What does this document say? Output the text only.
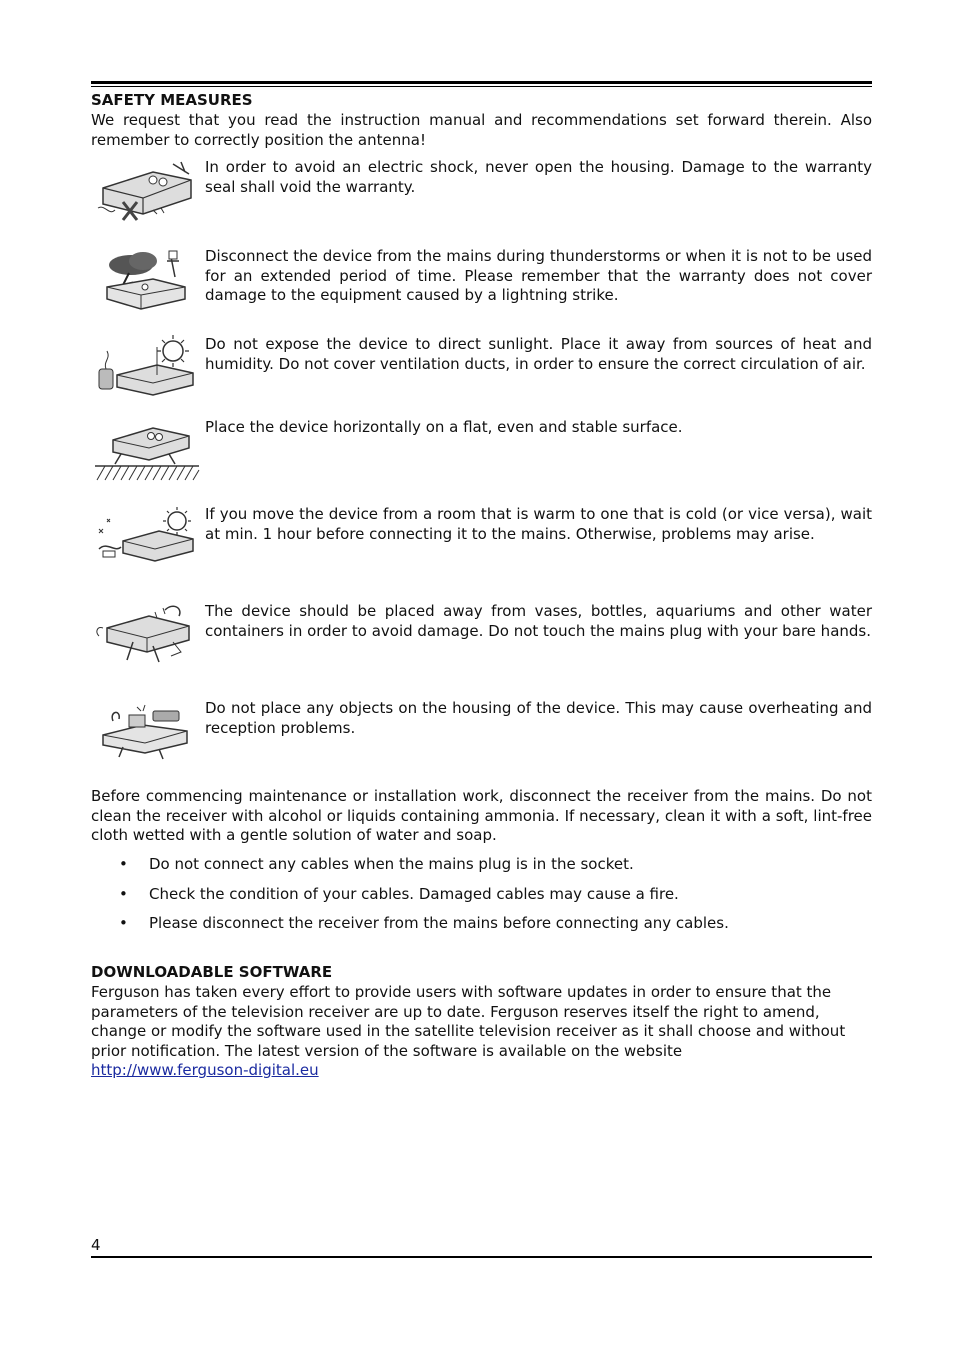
SAFETY MEASURES

We request that you read the instruction manual and recommendations set forward therein. Also remember to correctly position the antenna!

In order to avoid an electric shock, never open the housing. Damage to the warranty seal shall void the warranty.
Disconnect the device from the mains during thunderstorms or when it is not to be used for an extended period of time. Please remember that the warranty does not cover damage to the equipment caused by a lightning strike.
Do not expose the device to direct sunlight. Place it away from sources of heat and humidity. Do not cover ventilation ducts, in order to ensure the correct circulation of air.
Place the device horizontally on a flat, even and stable surface.
If you move the device from a room that is warm to one that is cold (or vice versa), wait at min. 1 hour before connecting it to the mains. Otherwise, problems may arise.
The device should be placed away from vases, bottles, aquariums and other water containers in order to avoid damage. Do not touch the mains plug with your bare hands.
Do not place any objects on the housing of the device. This may cause overheating and reception problems.

Before commencing maintenance or installation work, disconnect the receiver from the mains. Do not clean the receiver with alcohol or liquids containing ammonia. If necessary, clean it with a soft, lint-free cloth wetted with a gentle solution of water and soap.

• Do not connect any cables when the mains plug is in the socket.
• Check the condition of your cables. Damaged cables may cause a fire.
• Please disconnect the receiver from the mains before connecting any cables.
DOWNLOADABLE SOFTWARE

Ferguson has taken every effort to provide users with software updates in order to ensure that the parameters of the television receiver are up to date. Ferguson reserves itself the right to amend, change or modify the software used in the satellite television receiver as it shall choose and without prior notification. The latest version of the software is available on the website

http://www.ferguson-digital.eu
4
